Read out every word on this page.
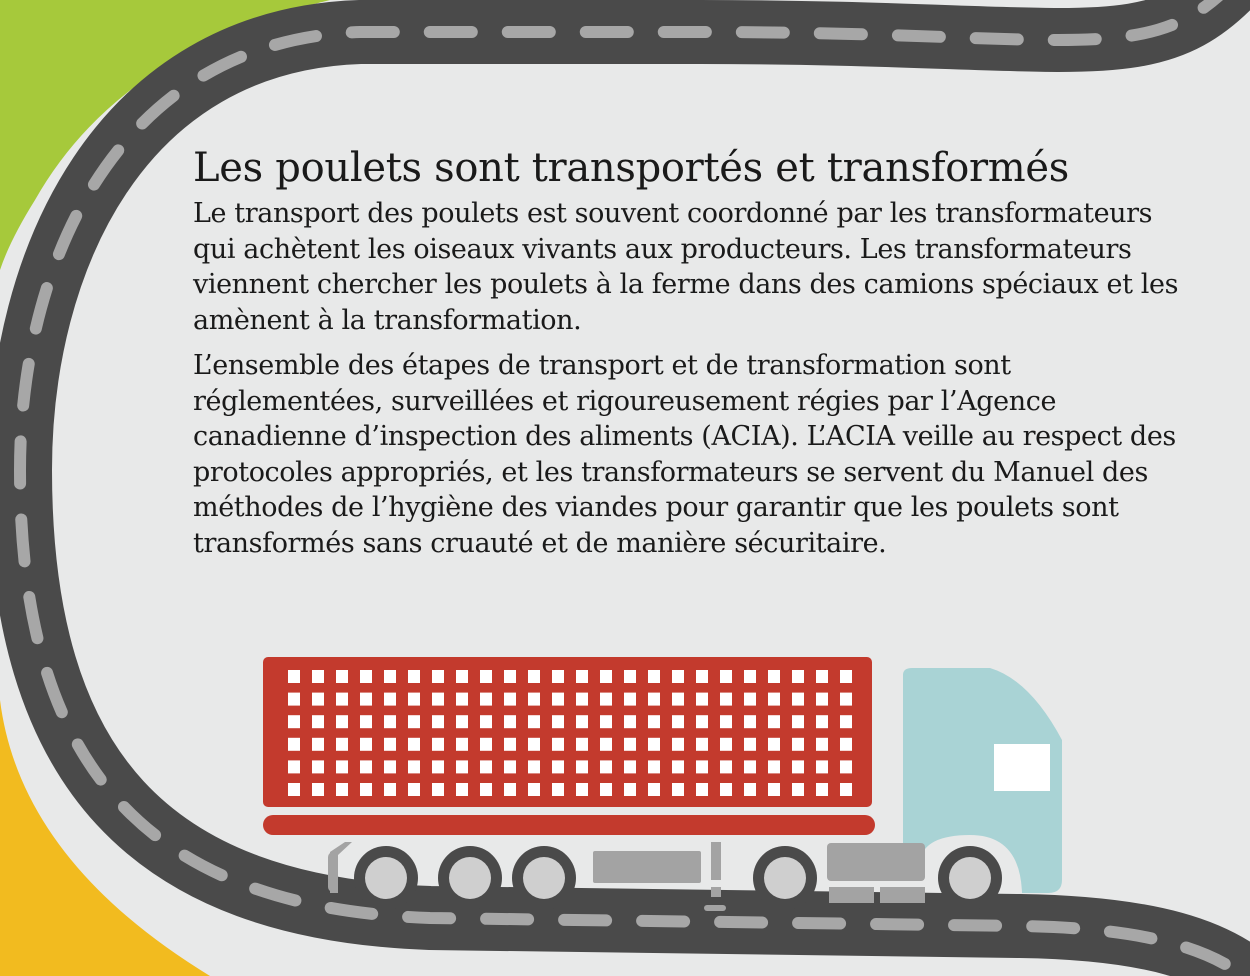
Les poulets sont transportés et transformés

Le transport des poulets est souvent coordonné par les transformateurs qui achètent les oiseaux vivants aux producteurs. Les transformateurs viennent chercher les poulets à la ferme dans des camions spéciaux et les amènent à la transformation.

L’ensemble des étapes de transport et de transformation sont réglementées, surveillées et rigoureusement régies par l’Agence canadienne d’inspection des aliments (ACIA). L’ACIA veille au respect des protocoles appropriés, et les transformateurs se servent du Manuel des méthodes de l’hygiène des viandes pour garantir que les poulets sont transformés sans cruauté et de manière sécuritaire.
